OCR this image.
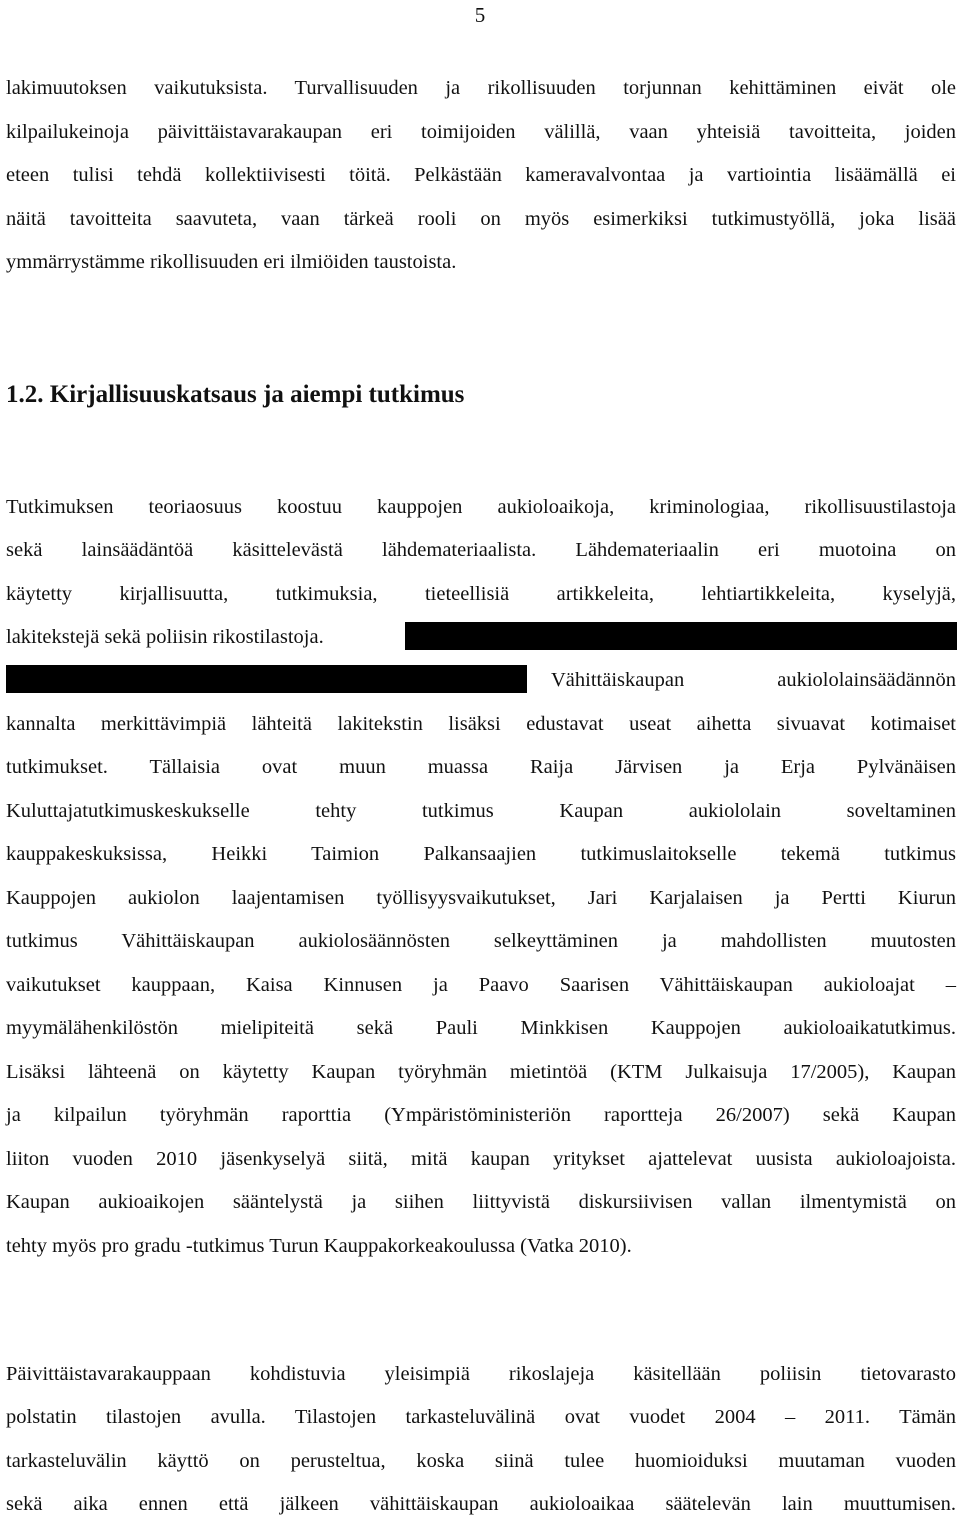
5
lakimuutoksen vaikutuksista. Turvallisuuden ja rikollisuuden torjunnan kehittäminen eivät ole
kilpailukeinoja päivittäistavarakaupan eri toimijoiden välillä, vaan yhteisiä tavoitteita, joiden
eteen tulisi tehdä kollektiivisesti töitä. Pelkästään kameravalvontaa ja vartiointia lisäämällä ei
näitä tavoitteita saavuteta, vaan tärkeä rooli on myös esimerkiksi tutkimustyöllä, joka lisää
ymmärrystämme rikollisuuden eri ilmiöiden taustoista.
1.2. Kirjallisuuskatsaus ja aiempi tutkimus
Tutkimuksen teoriaosuus koostuu kauppojen aukioloaikoja, kriminologiaa, rikollisuustilastoja
sekä lainsäädäntöä käsittelevästä lähdemateriaalista. Lähdemateriaalin eri muotoina on
käytetty kirjallisuutta, tutkimuksia, tieteellisiä artikkeleita, lehtiartikkeleita, kyselyjä,
lakitekstejä sekä poliisin rikostilastoja.
Vähittäiskaupan aukiololainsäädännön
kannalta merkittävimpiä lähteitä lakitekstin lisäksi edustavat useat aihetta sivuavat kotimaiset
tutkimukset. Tällaisia ovat muun muassa Raija Järvisen ja Erja Pylvänäisen
Kuluttajatutkimuskeskukselle tehty tutkimus Kaupan aukiololain soveltaminen
kauppakeskuksissa, Heikki Taimion Palkansaajien tutkimuslaitokselle tekemä tutkimus
Kauppojen aukiolon laajentamisen työllisyysvaikutukset, Jari Karjalaisen ja Pertti Kiurun
tutkimus Vähittäiskaupan aukiolosäännösten selkeyttäminen ja mahdollisten muutosten
vaikutukset kauppaan, Kaisa Kinnusen ja Paavo Saarisen Vähittäiskaupan aukioloajat –
myymälähenkilöstön mielipiteitä sekä Pauli Minkkisen Kauppojen aukioloaikatutkimus.
Lisäksi lähteenä on käytetty Kaupan työryhmän mietintöä (KTM Julkaisuja 17/2005), Kaupan
ja kilpailun työryhmän raporttia (Ympäristöministeriön raportteja 26/2007) sekä Kaupan
liiton vuoden 2010 jäsenkyselyä siitä, mitä kaupan yritykset ajattelevat uusista aukioloajoista.
Kaupan aukioaikojen sääntelystä ja siihen liittyvistä diskursiivisen vallan ilmentymistä on
tehty myös pro gradu -tutkimus Turun Kauppakorkeakoulussa (Vatka 2010).
Päivittäistavarakauppaan kohdistuvia yleisimpiä rikoslajeja käsitellään poliisin tietovarasto
polstatin tilastojen avulla. Tilastojen tarkasteluvälinä ovat vuodet 2004 – 2011. Tämän
tarkasteluvälin käyttö on perusteltua, koska siinä tulee huomioiduksi muutaman vuoden
sekä aika ennen että jälkeen vähittäiskaupan aukioloaikaa säätelevän lain muuttumisen.
